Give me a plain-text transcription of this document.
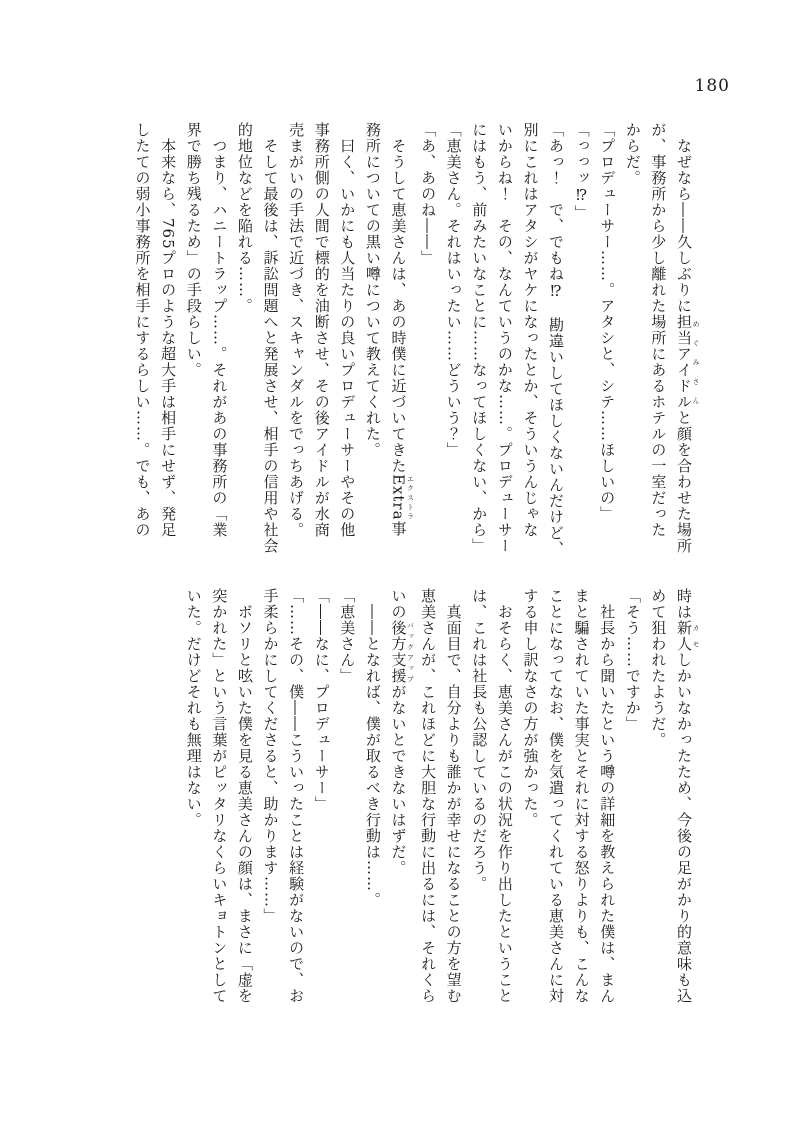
180

なぜなら――久しぶりに担当アイドル めぐみさんと顔を合わせた場所

が、事務所から少し離れた場所にあるホテルの一室だった

からだ。

「プロデューサー……。アタシと、シテ……ほしいの」

「っっッ⁉」

「あっ！　で、でもね⁉　勘違いしてほしくないんだけど、

別にこれはアタシがヤケになったとか、そういうんじゃな

いからね！　その、なんていうのかな……。プロデューサー

にはもう、前みたいなことに……なってほしくない、から」

「恵美さん。それはいったい……どういう？」

「あ、あのね――」

そうして恵美さんは、あの時僕に近づいてきたExtra エクストラ事

務所についての黒い噂について教えてくれた。

曰く、いかにも人当たりの良いプロデューサーやその他

事務所側の人間で標的を油断させ、その後アイドルが水商

売まがいの手法で近づき、スキャンダルをでっちあげる。

そして最後は、訴訟問題へと発展させ、相手の信用や社会

的地位などを陥れる……。

つまり、ハニートラップ……。それがあの事務所の「業

界で勝ち残るため」の手段らしい。

本来なら、765プロのような超大手は相手にせず、発足

したての弱小事務所を相手にするらしい……。でも、あの

時は新人 カモしかいなかったため、今後の足がかり的意味も込

めて狙われたようだ。

「そう……ですか」

社長から聞いたという噂の詳細を教えられた僕は、まん

まと騙されていた事実とそれに対する怒りよりも、こんな

ことになってなお、僕を気遣ってくれている恵美さんに対

する申し訳なさの方が強かった。

おそらく、恵美さんがこの状況を作り出したということ

は、これは社長も公認しているのだろう。

真面目で、自分よりも誰かが幸せになることの方を望む

恵美さんが、これほどに大胆な行動に出るには、それくら

いの後方支援 バックアップがないとできないはずだ。

――となれば、僕が取るべき行動は……。

「恵美さん」

「――なに、プロデューサー」

「……その、僕――こういったことは経験がないので、お

手柔らかにしてくださると、助かります……」

ボソリと呟いた僕を見る恵美さんの顔は、まさに「虚を

突かれた」という言葉がピッタリなくらいキョトンとして

いた。だけどそれも無理はない。
